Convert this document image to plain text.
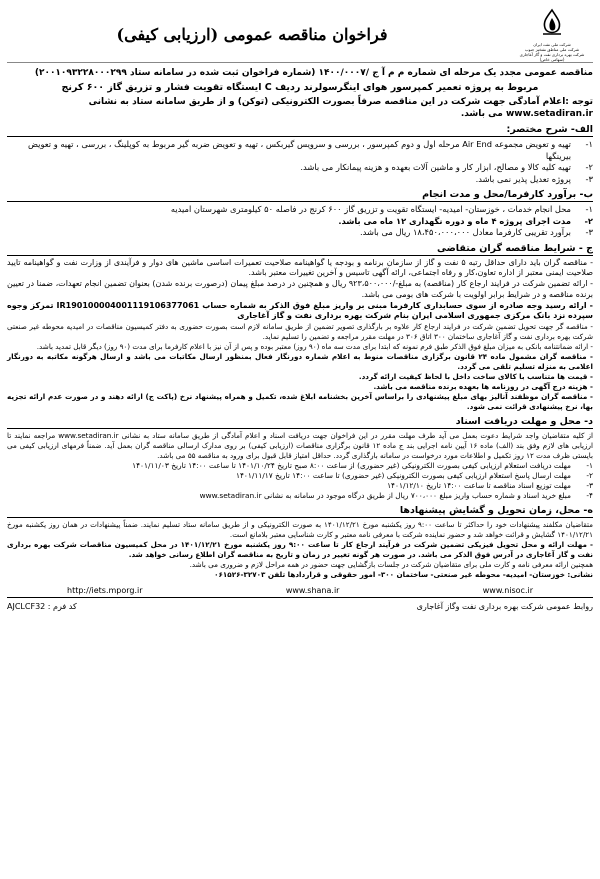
شرکت ملی نفت ایران
شرکت ملی مناطق نفتخیز جنوب
شرکت بهره برداری نفت و گاز آغاجاری (سهامی خاص)
فراخوان مناقصه عمومی (ارزیابی کیفی)
مناقصه عمومی مجدد یک مرحله ای شماره م م آ ج /۱۴۰۰/۰۰۰۷ (شماره فراخوان ثبت شده در سامانه ستاد ۲۰۰۱۰۹۳۲۲۸۰۰۰۲۹۹)
مربوط به پروژه تعمیر کمپرسور هوای اینگرسولرند ردیف C ایستگاه تقویت فشار و تزریق گاز ۶۰۰ کرنج
توجه :اعلام آمادگی جهت شرکت در این مناقصه صرفاً بصورت الکترونیکی (توکن) و از طریق سامانه ستاد به نشانی www.setadiran.ir می باشد.
الف- شرح مختصر:
۱-
تهیه و تعویض مجموعه Air End مرحله اول و دوم کمپرسور ، بررسی و سرویس گیربکس ، تهیه و تعویض ضربه گیر مربوط به کوپلینگ ، بررسی ، تهیه و تعویض بیرینگها
۲-
تهیه کلیه کالا و مصالح، ابزار کار و ماشین آلات بعهده و هزینه پیمانکار می باشد.
۳-
پروژه تعدیل پذیر نمی باشد.
ب- برآورد کارفرما/محل و مدت انجام
۱-
محل انجام خدمات ، خوزستان- امیدیه- ایستگاه تقویت و تزریق گاز ۶۰۰ کرنج در فاصله ۵۰ کیلومتری شهرستان امیدیه
۲-
مدت اجرای پروژه ۴ ماه و دوره نگهداری ۱۲ ماه می باشد.
۳-
برآورد تقریبی کارفرما معادل ۱۸،۴۵۰،۰۰۰،۰۰۰ ریال می باشد.
ج - شرایط مناقصه گران متقاضی
- مناقصه گران باید دارای حداقل رتبه ۵ نفت و گاز از سازمان برنامه و بودجه یا گواهینامه صلاحیت تعمیرات اساسی ماشین های دوار و فرآیندی از وزارت نفت و گواهینامه تایید صلاحیت ایمنی معتبر از اداره تعاون،کار و رفاه اجتماعی، ارائه آگهی تاسیس و آخرین تغییرات معتبر باشد.
- ارائه تضمین شرکت در فرایند ارجاع کار (مناقصه) به مبلغ-/۹۲۳،۵۰۰،۰۰۰ ریال و همچنین در درصد مبلغ پیمان (درصورت برنده شدن) بعنوان تضمین انجام تعهدات، ضمنا در تعیین برنده مناقصه و در شرایط برابر اولویت با شرکت های بومی می باشد.
- ارائه رسید وجه صادره از سوی حسابداری کارفرما مبنی بر واریز مبلغ فوق الذکر به شماره حساب IR190100004001119106377061 تمرکز وجوه سپرده نزد بانک مرکزی جمهوری اسلامی ایران بنام شرکت بهره برداری نفت و گاز آغاجاری
- مناقصه گر جهت تحویل تضمین شرکت در فرایند ارجاع کار علاوه بر بارگذاری تصویر تضمین از طریق سامانه لازم است بصورت حضوری به دفتر کمیسیون مناقصات در امیدیه محوطه غیر صنعتی شرکت بهره برداری نفت و گاز آغاجاری ساختمان ۳۰۰ اتاق ۳۰۶ در مهلت مقرر مراجعه و تضمین را تسلیم نماید.
- ارائه ضمانتنامه بانکی به میزان مبلغ فوق الذکر طبق فرم نمونه که ابتدا برای مدت سه ماه (۹۰ روز) معتبر بوده و پس از آن نیز با اعلام کارفرما برای مدت (۹۰ روز) دیگر قابل تمدید باشد.
- مناقصه گران مشمول ماده ۲۴ قانون برگزاری مناقصات منوط به اعلام شماره دورنگار فعال بمنظور ارسال مکاتبات می باشد و ارسال هرگونه مکاتبه به دورنگار اعلامی به منزله تسلیم تلقی می گردد.
- قیمت ها متناسب با کالای ساخت داخل با لحاظ کیفیت ارائه گردد.
- هزینه درج آگهی در روزنامه ها بعهده برنده مناقصه می باشد.
- مناقصه گران موظفند آنالیز بهای مبلغ پیشنهادی را براساس آخرین بخشنامه ابلاغ شده، تکمیل و همراه پیشنهاد نرخ (پاکت ج) ارائه دهند و در صورت عدم ارائه تجزیه بها، نرخ پیشنهادی قرائت نمی شود.
د- محل و مهلت دریافت اسناد
از کلیه متقاضیان واجد شرایط دعوت بعمل می آید طرف مهلت مقرر در این فراخوان جهت دریافت اسناد و اعلام آمادگی از طریق سامانه ستاد به نشانی www.setadiran.ir مراجعه نمایند تا ارزیابی های لازم وفق بند (الف) ماده ۱۶ آیین نامه اجرایی بند ج ماده ۱۲ قانون برگزاری مناقصات (ارزیابی کیفی) بر روی مدارک ارسالی مناقصه گران بعمل آید. ضمناً فرمهای ارزیابی کیفی می بایستی ظرف مدت ۱۲ روز تکمیل و اطلاعات مورد درخواست در سامانه بارگذاری گردد. حداقل امتیاز قابل قبول برای ورود به مناقصه ۵۵ می باشد.
۱-
مهلت دریافت استعلام ارزیابی کیفی بصورت الکترونیکی (غیر حضوری) از ساعت ۸:۰۰ صبح تاریخ ۱۴۰۱/۱۰/۲۴ تا ساعت ۱۴:۰۰ تاریخ ۱۴۰۱/۱۱/۰۳
۲-
مهلت ارسال پاسخ استعلام ارزیابی کیفی بصورت الکترونیکی (غیر حضوری) تا ساعت ۱۴:۰۰ تاریخ ۱۴۰۱/۱۱/۱۷
۳-
مهلت توزیع اسناد مناقصه تا ساعت ۱۴:۰۰ تاریخ ۱۴۰۱/۱۲/۱۰
۴-
مبلغ خرید اسناد و شماره حساب واریز مبلغ ۷۰۰،۰۰۰ ریال از طریق درگاه موجود در سامانه به نشانی www.setadiran.ir
ه- محل، زمان تحویل و گشایش پیشنهادها
متقاضیان مکلفند پیشنهادات خود را حداکثر تا ساعت ۹:۰۰ روز یکشنبه مورخ ۱۴۰۱/۱۲/۲۱ به صورت الکترونیکی و از طریق سامانه ستاد تسلیم نمایند. ضمناً پیشنهادات در همان روز یکشنبه مورخ ۱۴۰۱/۱۲/۲۱ گشایش و قرائت خواهد شد و حضور نماینده شرکت با معرفی نامه معتبر و کارت شناسایی معتبر بلامانع است.
- مهلت ارائه و محل تحویل فیزیکی تضمین شرکت در فرآیند ارجاع کار تا ساعت ۹:۰۰ روز یکشنبه مورخ ۱۴۰۱/۱۲/۲۱ در محل کمیسیون مناقصات شرکت بهره برداری نفت و گاز آغاجاری در آدرس فوق الذکر می باشد. در صورت هر گونه تغییر در زمان و تاریخ به مناقصه گران اطلاع رسانی خواهد شد.
همچنین ارائه معرفی نامه و کارت ملی برای متقاضیان شرکت در جلسات بازگشایی جهت حضور در همه مراحل لازم و ضروری می باشد.
نشانی: خوزستان- امیدیه- محوطه غیر صنعتی- ساختمان ۳۰۰- امور حقوقی و قراردادها تلفن ۳۲۷۰۳-۰۶۱۵۲۶
http://iets.mporg.ir	www.shana.ir	www.nisoc.ir
روابط عمومی شرکت بهره برداری نفت وگاز آغاجاری
کد فرم : AJCLCF32
